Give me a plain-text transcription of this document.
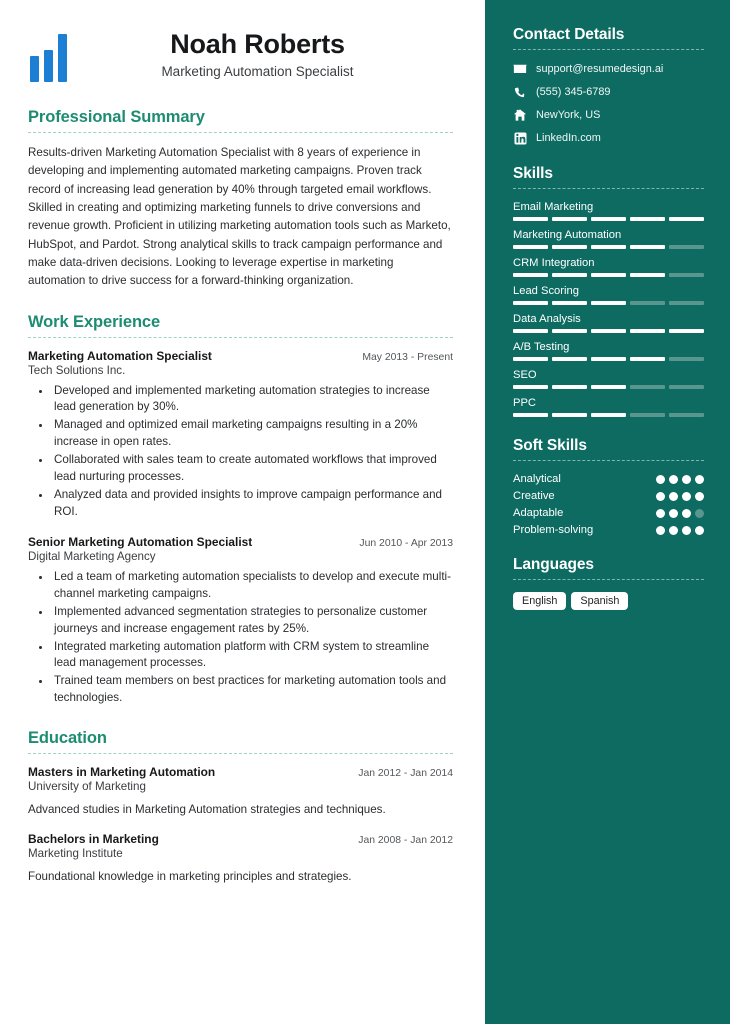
Noah Roberts
Marketing Automation Specialist
Professional Summary
Results-driven Marketing Automation Specialist with 8 years of experience in developing and implementing automated marketing campaigns. Proven track record of increasing lead generation by 40% through targeted email workflows. Skilled in creating and optimizing marketing funnels to drive conversions and revenue growth. Proficient in utilizing marketing automation tools such as Marketo, HubSpot, and Pardot. Strong analytical skills to track campaign performance and make data-driven decisions. Looking to leverage expertise in marketing automation to drive success for a forward-thinking organization.
Work Experience
Marketing Automation Specialist	May 2013 - Present
Tech Solutions Inc.
• Developed and implemented marketing automation strategies to increase lead generation by 30%.
• Managed and optimized email marketing campaigns resulting in a 20% increase in open rates.
• Collaborated with sales team to create automated workflows that improved lead nurturing processes.
• Analyzed data and provided insights to improve campaign performance and ROI.
Senior Marketing Automation Specialist	Jun 2010 - Apr 2013
Digital Marketing Agency
• Led a team of marketing automation specialists to develop and execute multi-channel marketing campaigns.
• Implemented advanced segmentation strategies to personalize customer journeys and increase engagement rates by 25%.
• Integrated marketing automation platform with CRM system to streamline lead management processes.
• Trained team members on best practices for marketing automation tools and technologies.
Education
Masters in Marketing Automation	Jan 2012 - Jan 2014
University of Marketing
Advanced studies in Marketing Automation strategies and techniques.
Bachelors in Marketing	Jan 2008 - Jan 2012
Marketing Institute
Foundational knowledge in marketing principles and strategies.
Contact Details
support@resumedesign.ai
(555) 345-6789
NewYork, US
LinkedIn.com
Skills
Email Marketing
Marketing Automation
CRM Integration
Lead Scoring
Data Analysis
A/B Testing
SEO
PPC
Soft Skills
Analytical
Creative
Adaptable
Problem-solving
Languages
English	Spanish
